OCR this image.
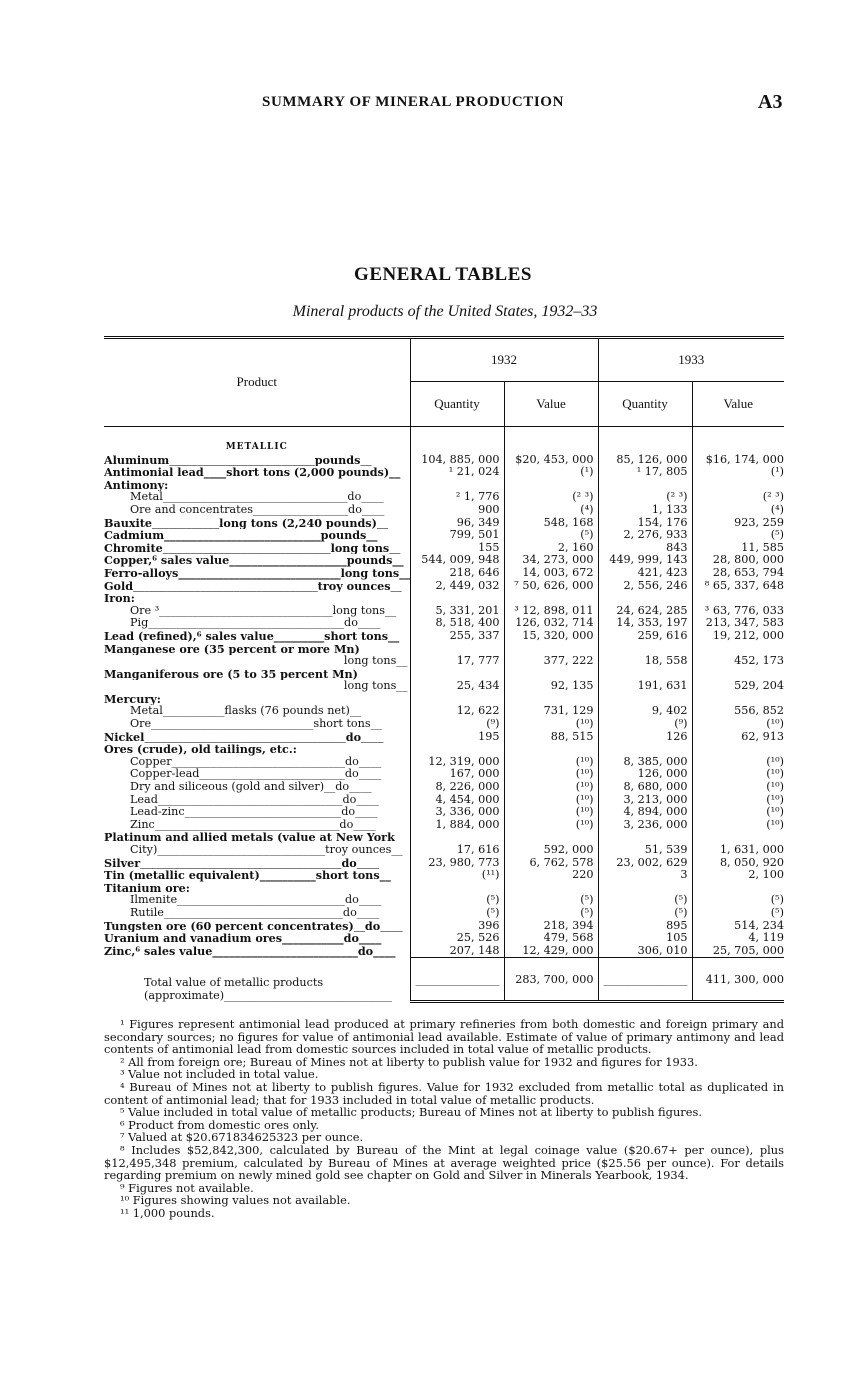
SUMMARY OF MINERAL PRODUCTION	A3
GENERAL TABLES
Mineral products of the United States, 1932–33
Product	1932		1933	
	Quantity	Value	Quantity	Value
METALLIC				
Aluminum__________________________pounds__	104, 885, 000	$20, 453, 000	85, 126, 000	$16, 174, 000
Antimonial lead____short tons (2,000 pounds)__	¹ 21, 024	(¹)	¹ 17, 805	(¹)
Antimony:				
Metal_________________________________do____	² 1, 776	(² ³)	(² ³)	(² ³)
Ore and concentrates_________________do____	900	(⁴)	1, 133	(⁴)
Bauxite____________long tons (2,240 pounds)__	96, 349	548, 168	154, 176	923, 259
Cadmium____________________________pounds__	799, 501	(⁵)	2, 276, 933	(⁵)
Chromite______________________________long tons__	155	2, 160	843	11, 585
Copper,⁶ sales value_____________________pounds__	544, 009, 948	34, 273, 000	449, 999, 143	28, 800, 000
Ferro-alloys_____________________________long tons__	218, 646	14, 003, 672	421, 423	28, 653, 794
Gold_________________________________troy ounces__	2, 449, 032	⁷ 50, 626, 000	2, 556, 246	⁸ 65, 337, 648
Iron:				
Ore ³_______________________________long tons__	5, 331, 201	³ 12, 898, 011	24, 624, 285	³ 63, 776, 033
Pig___________________________________do____	8, 518, 400	126, 032, 714	14, 353, 197	213, 347, 583
Lead (refined),⁶ sales value_________short tons__	255, 337	15, 320, 000	259, 616	19, 212, 000
Manganese ore (35 percent or more Mn)				
long tons__	17, 777	377, 222	18, 558	452, 173
Manganiferous ore (5 to 35 percent Mn)				
long tons__	25, 434	92, 135	191, 631	529, 204
Mercury:				
Metal___________flasks (76 pounds net)__	12, 622	731, 129	9, 402	556, 852
Ore_____________________________short tons__	(⁹)	(¹⁰)	(⁹)	(¹⁰)
Nickel____________________________________do____	195	88, 515	126	62, 913
Ores (crude), old tailings, etc.:				
Copper_______________________________do____	12, 319, 000	(¹⁰)	8, 385, 000	(¹⁰)
Copper-lead__________________________do____	167, 000	(¹⁰)	126, 000	(¹⁰)
Dry and siliceous (gold and silver)__do____	8, 226, 000	(¹⁰)	8, 680, 000	(¹⁰)
Lead_________________________________do____	4, 454, 000	(¹⁰)	3, 213, 000	(¹⁰)
Lead-zinc____________________________do____	3, 336, 000	(¹⁰)	4, 894, 000	(¹⁰)
Zinc_________________________________do____	1, 884, 000	(¹⁰)	3, 236, 000	(¹⁰)
Platinum and allied metals (value at New York				
City)______________________________troy ounces__	17, 616	592, 000	51, 539	1, 631, 000
Silver____________________________________do____	23, 980, 773	6, 762, 578	23, 002, 629	8, 050, 920
Tin (metallic equivalent)__________short tons__	(¹¹)	220	3	2, 100
Titanium ore:				
Ilmenite______________________________do____	(⁵)	(⁵)	(⁵)	(⁵)
Rutile________________________________do____	(⁵)	(⁵)	(⁵)	(⁵)
Tungsten ore (60 percent concentrates)__do____	396	218, 394	895	514, 234
Uranium and vanadium ores___________do____	25, 526	479, 568	105	4, 119
Zinc,⁶ sales value__________________________do____	207, 148	12, 429, 000	306, 010	25, 705, 000
Total value of metallic products (approximate)______________________________	_______________	283, 700, 000	_______________	411, 300, 000

¹ Figures represent antimonial lead produced at primary refineries from both domestic and foreign primary and secondary sources; no figures for value of antimonial lead available. Estimate of value of primary antimony and lead contents of antimonial lead from domestic sources included in total value of metallic products.

² All from foreign ore; Bureau of Mines not at liberty to publish value for 1932 and figures for 1933.

³ Value not included in total value.

⁴ Bureau of Mines not at liberty to publish figures. Value for 1932 excluded from metallic total as duplicated in content of antimonial lead; that for 1933 included in total value of metallic products.

⁵ Value included in total value of metallic products; Bureau of Mines not at liberty to publish figures.

⁶ Product from domestic ores only.

⁷ Valued at $20.671834625323 per ounce.

⁸ Includes $52,842,300, calculated by Bureau of the Mint at legal coinage value ($20.67+ per ounce), plus $12,495,348 premium, calculated by Bureau of Mines at average weighted price ($25.56 per ounce). For details regarding premium on newly mined gold see chapter on Gold and Silver in Minerals Yearbook, 1934.

⁹ Figures not available.

¹⁰ Figures showing values not available.

¹¹ 1,000 pounds.
